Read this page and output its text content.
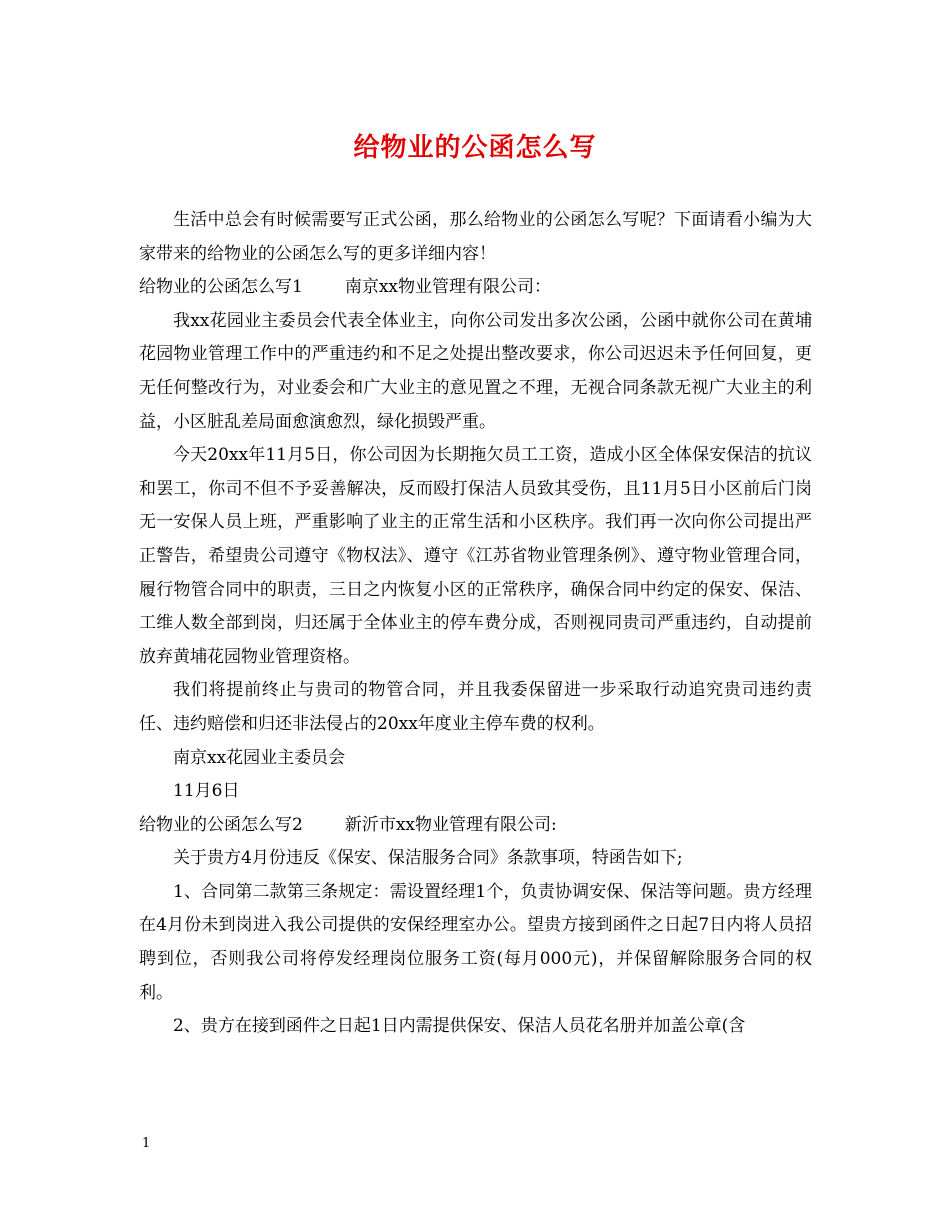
给物业的公函怎么写

生活中总会有时候需要写正式公函，那么给物业的公函怎么写呢？下面请看小编为大家带来的给物业的公函怎么写的更多详细内容！

给物业的公函怎么写1 南京xx物业管理有限公司：

我xx花园业主委员会代表全体业主，向你公司发出多次公函，公函中就你公司在黄埔花园物业管理工作中的严重违约和不足之处提出整改要求，你公司迟迟未予任何回复，更无任何整改行为，对业委会和广大业主的意见置之不理，无视合同条款无视广大业主的利益，小区脏乱差局面愈演愈烈，绿化损毁严重。

今天20xx年11月5日，你公司因为长期拖欠员工工资，造成小区全体保安保洁的抗议和罢工，你司不但不予妥善解决，反而殴打保洁人员致其受伤，且11月5日小区前后门岗无一安保人员上班，严重影响了业主的正常生活和小区秩序。我们再一次向你公司提出严正警告，希望贵公司遵守《物权法》、遵守《江苏省物业管理条例》、遵守物业管理合同，履行物管合同中的职责，三日之内恢复小区的正常秩序，确保合同中约定的保安、保洁、工维人数全部到岗，归还属于全体业主的停车费分成，否则视同贵司严重违约，自动提前放弃黄埔花园物业管理资格。

我们将提前终止与贵司的物管合同，并且我委保留进一步采取行动追究贵司违约责任、违约赔偿和归还非法侵占的20xx年度业主停车费的权利。

南京xx花园业主委员会

11月6日

给物业的公函怎么写2 新沂市xx物业管理有限公司:

关于贵方4月份违反《保安、保洁服务合同》条款事项，特函告如下;

1、合同第二款第三条规定：需设置经理1个，负责协调安保、保洁等问题。贵方经理在4月份未到岗进入我公司提供的安保经理室办公。望贵方接到函件之日起7日内将人员招聘到位，否则我公司将停发经理岗位服务工资(每月000元)，并保留解除服务合同的权利。

2、贵方在接到函件之日起1日内需提供保安、保洁人员花名册并加盖公章(含

1
